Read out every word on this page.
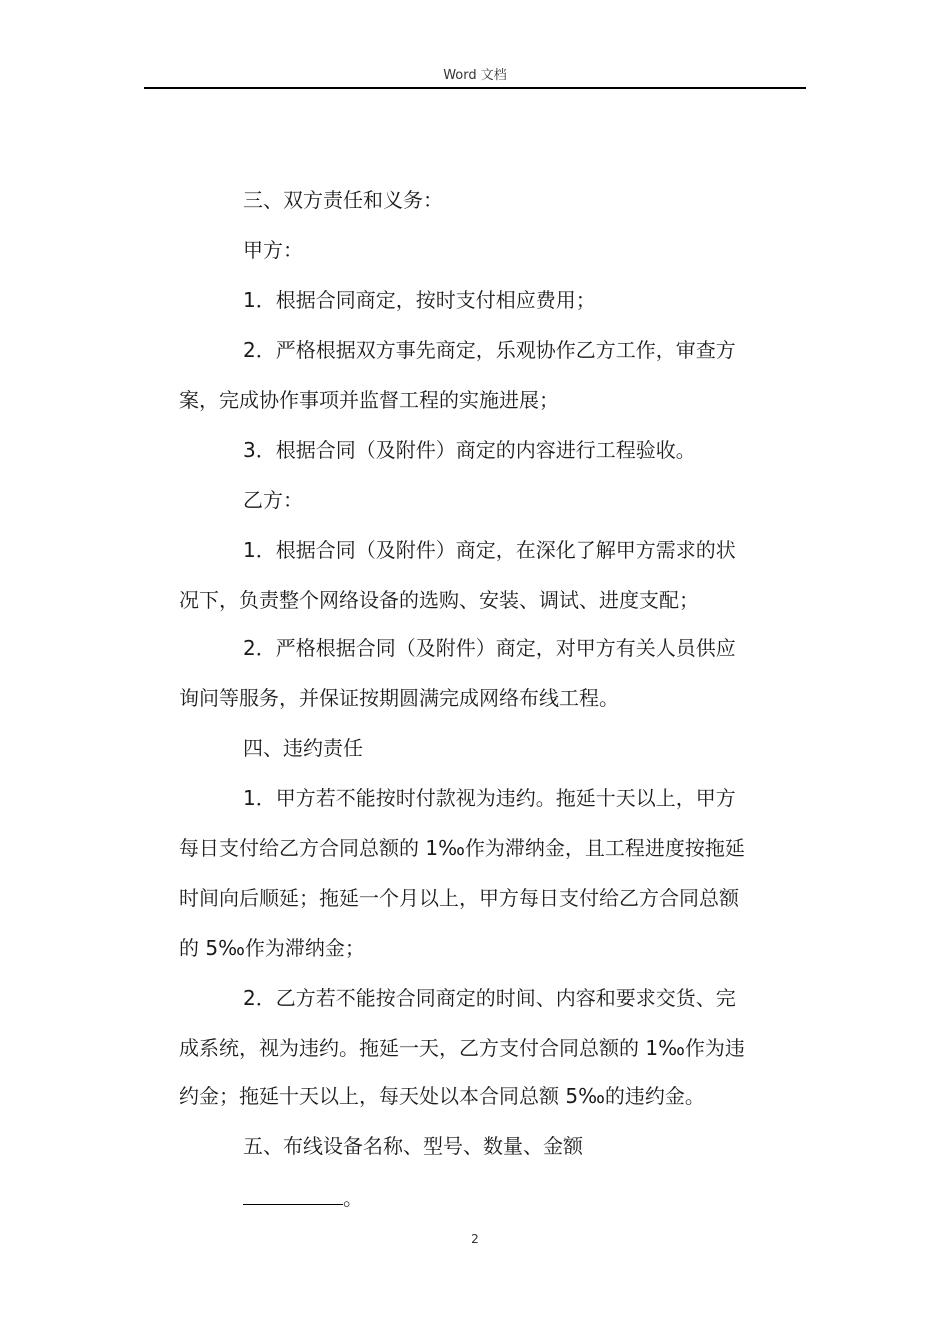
Word 文档
三、双方责任和义务：
甲方：
1．根据合同商定，按时支付相应费用；
2．严格根据双方事先商定，乐观协作乙方工作，审查方
案，完成协作事项并监督工程的实施进展；
3．根据合同（及附件）商定的内容进行工程验收。
乙方：
1．根据合同（及附件）商定，在深化了解甲方需求的状
况下，负责整个网络设备的选购、安装、调试、进度支配；
2．严格根据合同（及附件）商定，对甲方有关人员供应
询问等服务，并保证按期圆满完成网络布线工程。
四、违约责任
1．甲方若不能按时付款视为违约。拖延十天以上，甲方
每日支付给乙方合同总额的 1‰作为滞纳金，且工程进度按拖延
时间向后顺延；拖延一个月以上，甲方每日支付给乙方合同总额
的 5‰作为滞纳金；
2．乙方若不能按合同商定的时间、内容和要求交货、完
成系统，视为违约。拖延一天，乙方支付合同总额的 1‰作为违
约金；拖延十天以上，每天处以本合同总额 5‰的违约金。
五、布线设备名称、型号、数量、金额
。
2
